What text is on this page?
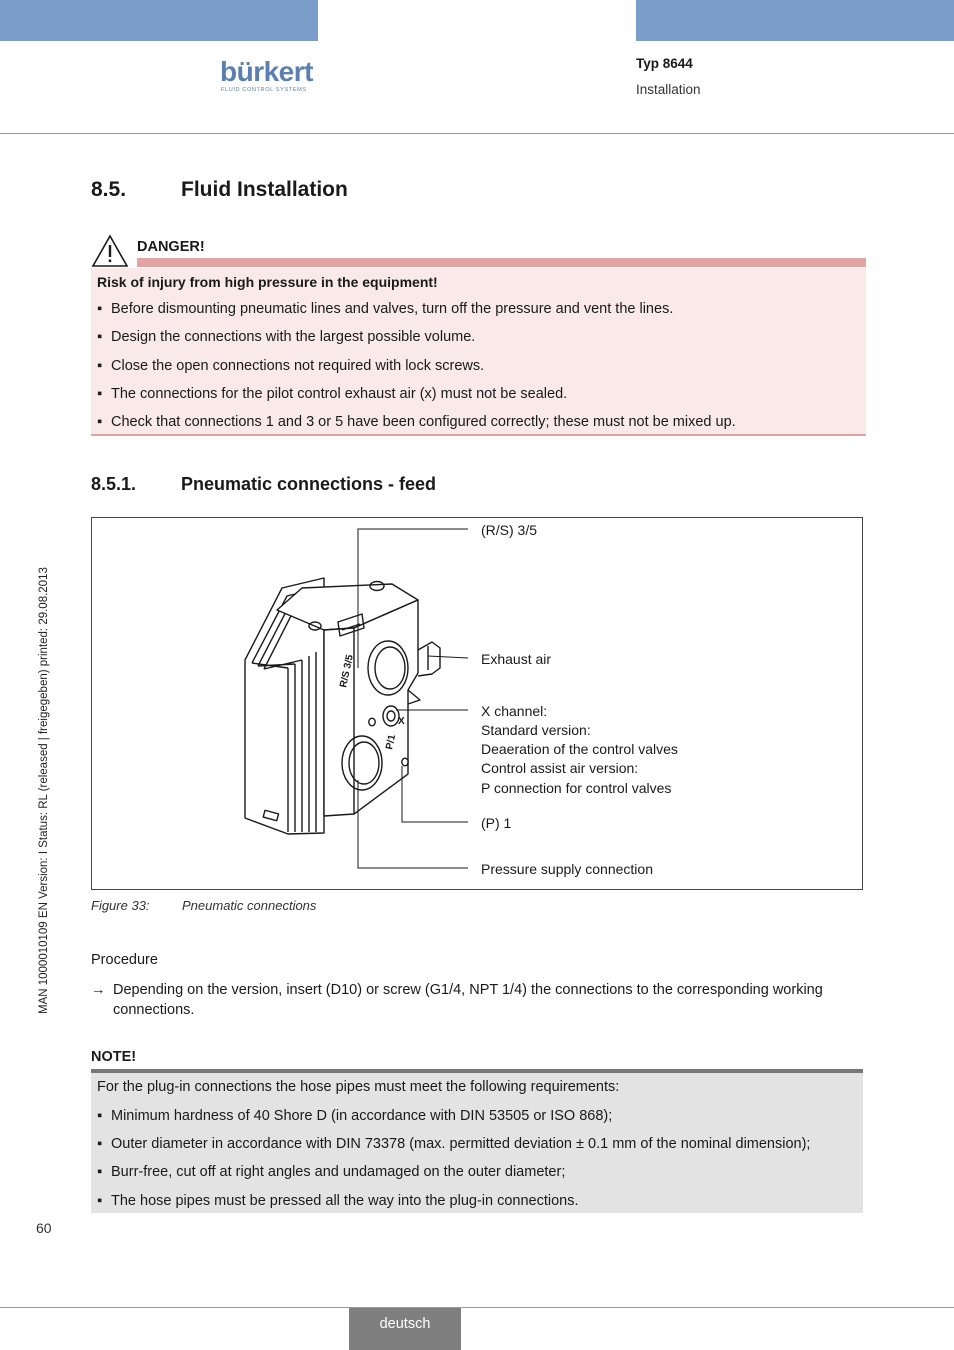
bürkert
FLUID CONTROL SYSTEMS
Typ 8644
Installation
8.5.	Fluid Installation
DANGER!
Risk of injury from high pressure in the equipment!
▪ Before dismounting pneumatic lines and valves, turn off the pressure and vent the lines.
▪ Design the connections with the largest possible volume.
▪ Close the open connections not required with lock screws.
▪ The connections for the pilot control exhaust air (x) must not be sealed.
▪ Check that connections 1 and 3 or 5 have been configured correctly; these must not be mixed up.
8.5.1. Pneumatic connections - feed
R/S 3/5
P/1
X
(R/S) 3/5
Exhaust air
X channel:
Standard version:
Deaeration of the control valves
Control assist air version:
P connection for control valves
(P) 1
Pressure supply connection
Figure 33: Pneumatic connections
Procedure
→ Depending on the version, insert (D10) or screw (G1/4, NPT 1/4) the connections to the corresponding working connections.
NOTE!
For the plug-in connections the hose pipes must meet the following requirements:
▪ Minimum hardness of 40 Shore D (in accordance with DIN 53505 or ISO 868);
▪ Outer diameter in accordance with DIN 73378 (max. permitted deviation ± 0.1 mm of the nominal dimension);
▪ Burr-free, cut off at right angles and undamaged on the outer diameter;
▪ The hose pipes must be pressed all the way into the plug-in connections.
MAN 1000010109 EN Version: I Status: RL (released | freigegeben) printed: 29.08.2013
60
deutsch
